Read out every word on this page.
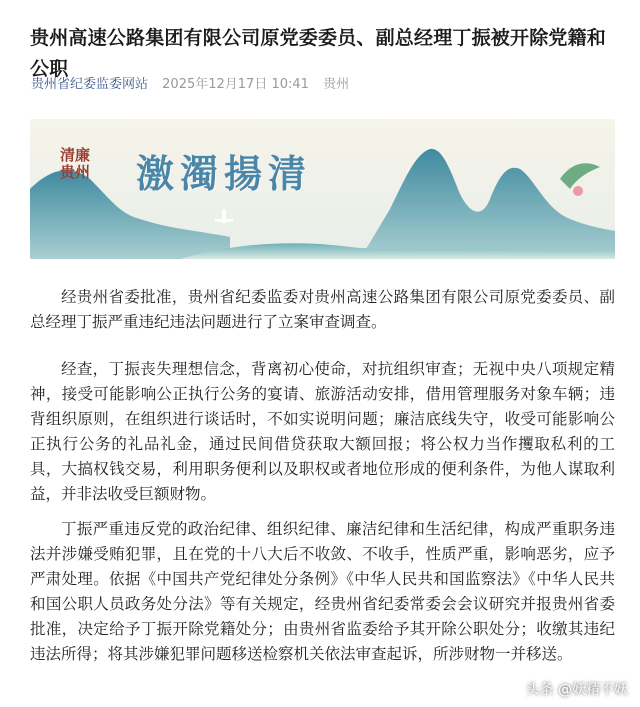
贵州高速公路集团有限公司原党委委员、副总经理丁振被开除党籍和公职
贵州省纪委监委网站 2025年12月17日 10:41 贵州
清廉
贵州	激濁揚清

经贵州省委批准，贵州省纪委监委对贵州高速公路集团有限公司原党委委员、副总经理丁振严重违纪违法问题进行了立案审查调查。

经查，丁振丧失理想信念，背离初心使命，对抗组织审查；无视中央八项规定精神，接受可能影响公正执行公务的宴请、旅游活动安排，借用管理服务对象车辆；违背组织原则，在组织进行谈话时，不如实说明问题；廉洁底线失守，收受可能影响公正执行公务的礼品礼金，通过民间借贷获取大额回报；将公权力当作攫取私利的工具，大搞权钱交易，利用职务便利以及职权或者地位形成的便利条件，为他人谋取利益，并非法收受巨额财物。

丁振严重违反党的政治纪律、组织纪律、廉洁纪律和生活纪律，构成严重职务违法并涉嫌受贿犯罪，且在党的十八大后不收敛、不收手，性质严重，影响恶劣，应予严肃处理。依据《中国共产党纪律处分条例》《中华人民共和国监察法》《中华人民共和国公职人员政务处分法》等有关规定，经贵州省纪委常委会会议研究并报贵州省委批准，决定给予丁振开除党籍处分；由贵州省监委给予其开除公职处分；收缴其违纪违法所得；将其涉嫌犯罪问题移送检察机关依法审查起诉，所涉财物一并移送。

头条 @妖精不妖
